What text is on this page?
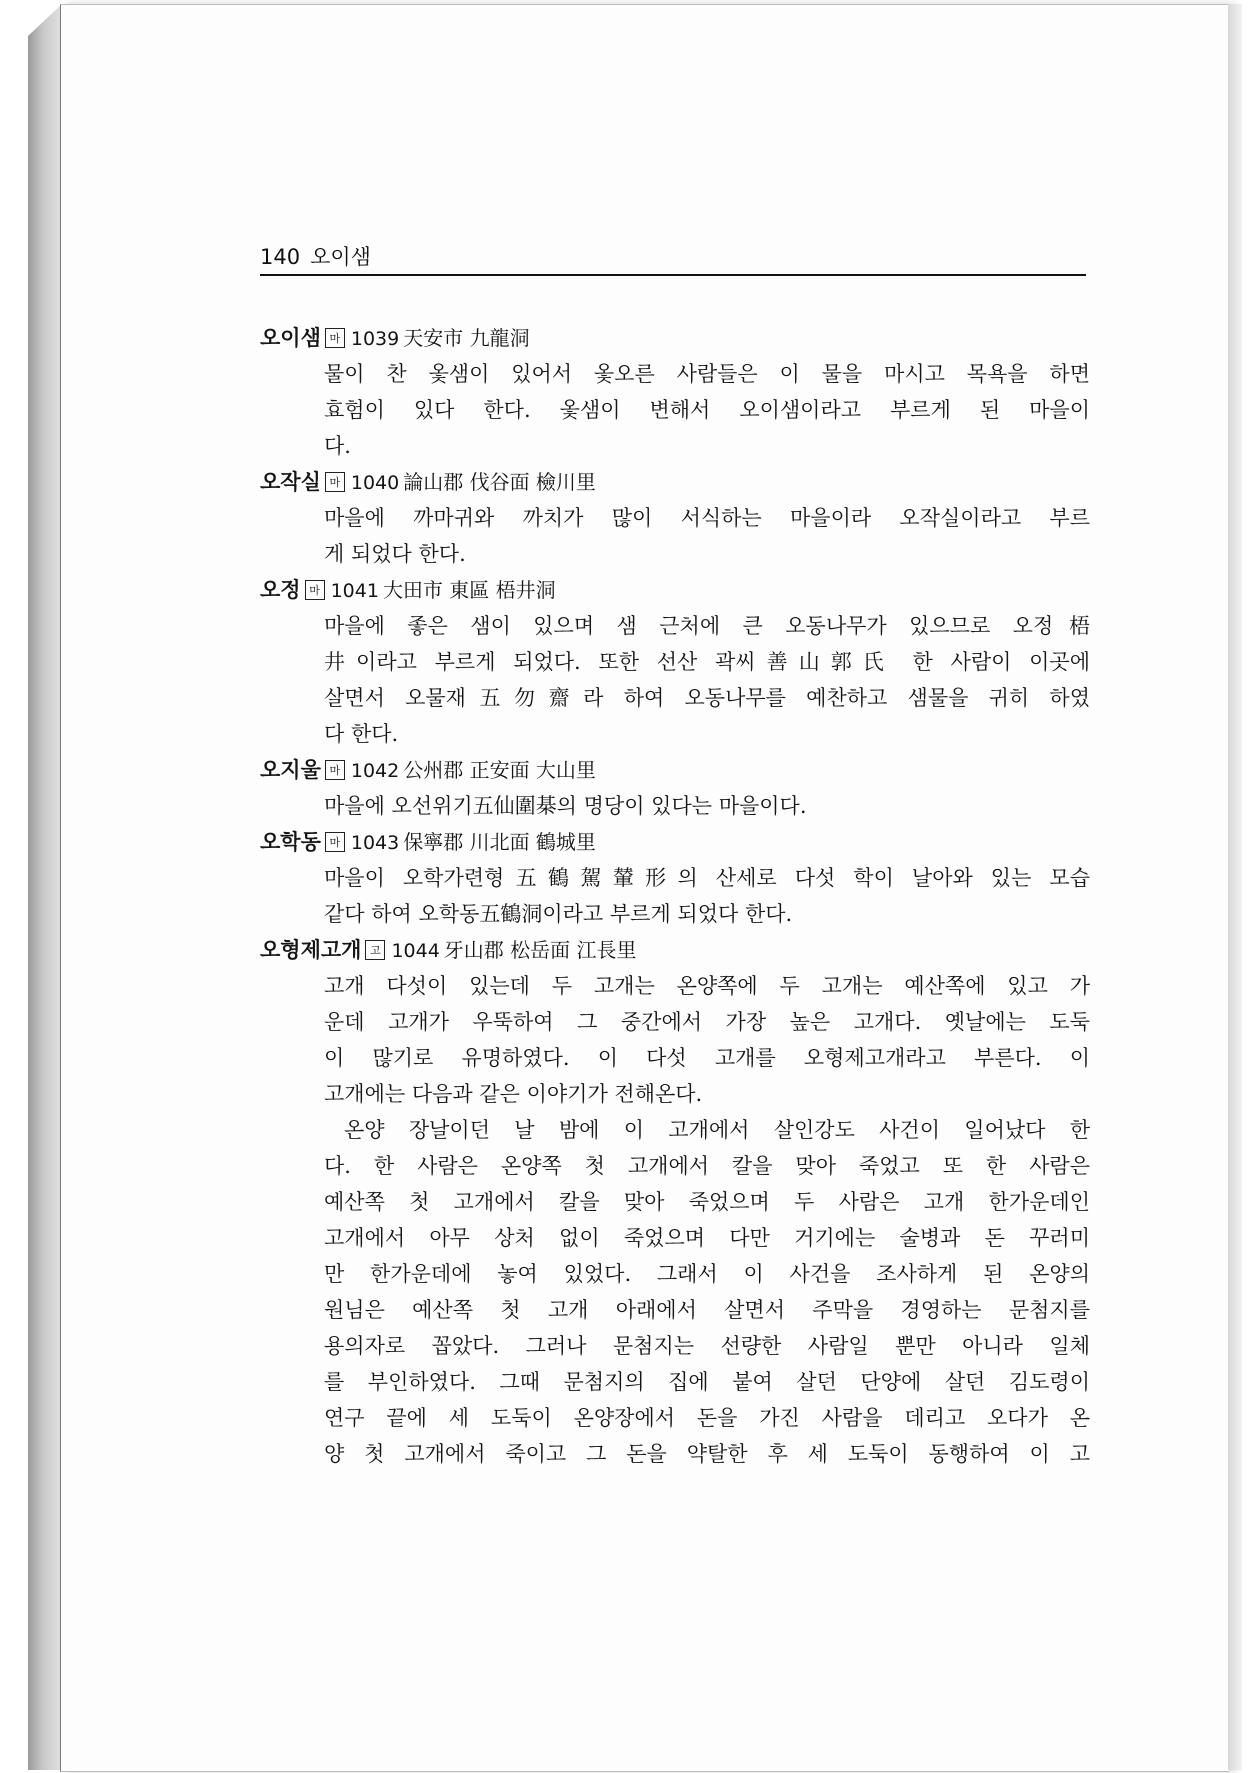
140 오이샘
오이샘 마 1039 天安市 九龍洞
물이 찬 옻샘이 있어서 옻오른 사람들은 이 물을 마시고 목욕을 하면
효험이 있다 한다. 옻샘이 변해서 오이샘이라고 부르게 된 마을이
다.
오작실 마 1040 論山郡 伐谷面 檢川里
마을에 까마귀와 까치가 많이 서식하는 마을이라 오작실이라고 부르
게 되었다 한다.
오정 마 1041 大田市 東區 梧井洞
마을에 좋은 샘이 있으며 샘 근처에 큰 오동나무가 있으므로 오정梧
井이라고 부르게 되었다. 또한 선산 곽씨善山郭氏 한 사람이 이곳에
살면서 오물재五勿齋라 하여 오동나무를 예찬하고 샘물을 귀히 하였
다 한다.
오지울 마 1042 公州郡 正安面 大山里
마을에 오선위기五仙圍棊의 명당이 있다는 마을이다.
오학동 마 1043 保寧郡 川北面 鶴城里
마을이 오학가련형五鶴駕輦形의 산세로 다섯 학이 날아와 있는 모습
같다 하여 오학동五鶴洞이라고 부르게 되었다 한다.
오형제고개 고 1044 牙山郡 松岳面 江長里
고개 다섯이 있는데 두 고개는 온양쪽에 두 고개는 예산쪽에 있고 가
운데 고개가 우뚝하여 그 중간에서 가장 높은 고개다. 옛날에는 도둑
이 많기로 유명하였다. 이 다섯 고개를 오형제고개라고 부른다. 이
고개에는 다음과 같은 이야기가 전해온다.
온양 장날이던 날 밤에 이 고개에서 살인강도 사건이 일어났다 한
다. 한 사람은 온양쪽 첫 고개에서 칼을 맞아 죽었고 또 한 사람은
예산쪽 첫 고개에서 칼을 맞아 죽었으며 두 사람은 고개 한가운데인
고개에서 아무 상처 없이 죽었으며 다만 거기에는 술병과 돈 꾸러미
만 한가운데에 놓여 있었다. 그래서 이 사건을 조사하게 된 온양의
원님은 예산쪽 첫 고개 아래에서 살면서 주막을 경영하는 문첨지를
용의자로 꼽았다. 그러나 문첨지는 선량한 사람일 뿐만 아니라 일체
를 부인하였다. 그때 문첨지의 집에 붙여 살던 단양에 살던 김도령이
연구 끝에 세 도둑이 온양장에서 돈을 가진 사람을 데리고 오다가 온
양 첫 고개에서 죽이고 그 돈을 약탈한 후 세 도둑이 동행하여 이 고
